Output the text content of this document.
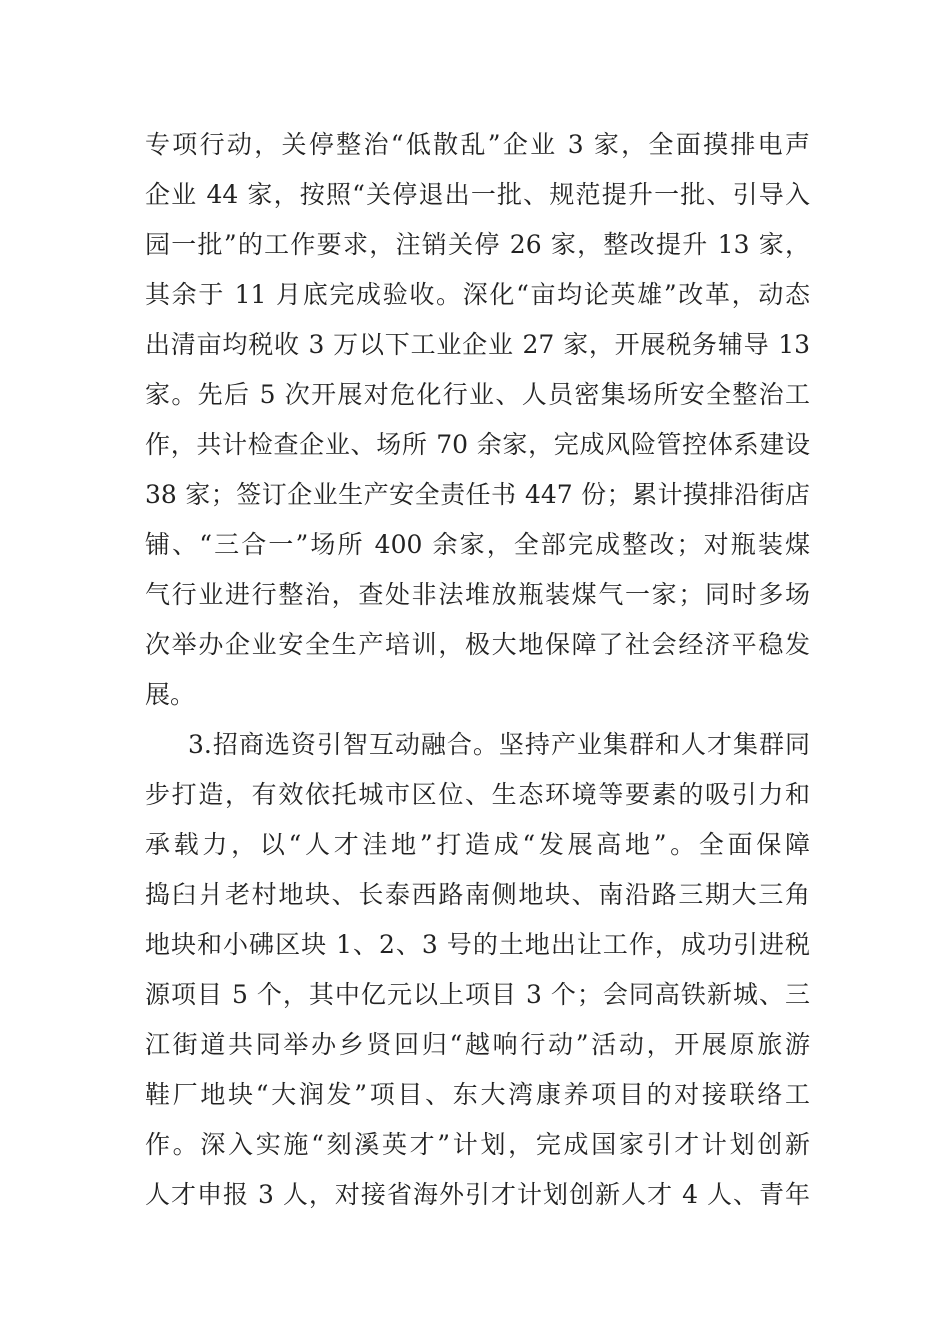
专项行动，关停整治“低散乱”企业 3 家，全面摸排电声
企业 44 家，按照“关停退出一批、规范提升一批、引导入
园一批”的工作要求，注销关停 26 家，整改提升 13 家，
其余于 11 月底完成验收。深化“亩均论英雄”改革，动态
出清亩均税收 3 万以下工业企业 27 家，开展税务辅导 13
家。先后 5 次开展对危化行业、人员密集场所安全整治工
作，共计检查企业、场所 70 余家，完成风险管控体系建设
38 家；签订企业生产安全责任书 447 份；累计摸排沿街店
铺、“三合一”场所 400 余家，全部完成整改；对瓶装煤
气行业进行整治，查处非法堆放瓶装煤气一家；同时多场
次举办企业安全生产培训，极大地保障了社会经济平稳发
展。
3.招商选资引智互动融合。坚持产业集群和人才集群同
步打造，有效依托城市区位、生态环境等要素的吸引力和
承载力，以“人才洼地”打造成“发展高地”。全面保障
捣臼爿老村地块、长泰西路南侧地块、南沿路三期大三角
地块和小砩区块 1、2、3 号的土地出让工作，成功引进税
源项目 5 个，其中亿元以上项目 3 个；会同高铁新城、三
江街道共同举办乡贤回归“越响行动”活动，开展原旅游
鞋厂地块“大润发”项目、东大湾康养项目的对接联络工
作。深入实施“刻溪英才”计划，完成国家引才计划创新
人才申报 3 人，对接省海外引才计划创新人才 4 人、青年
